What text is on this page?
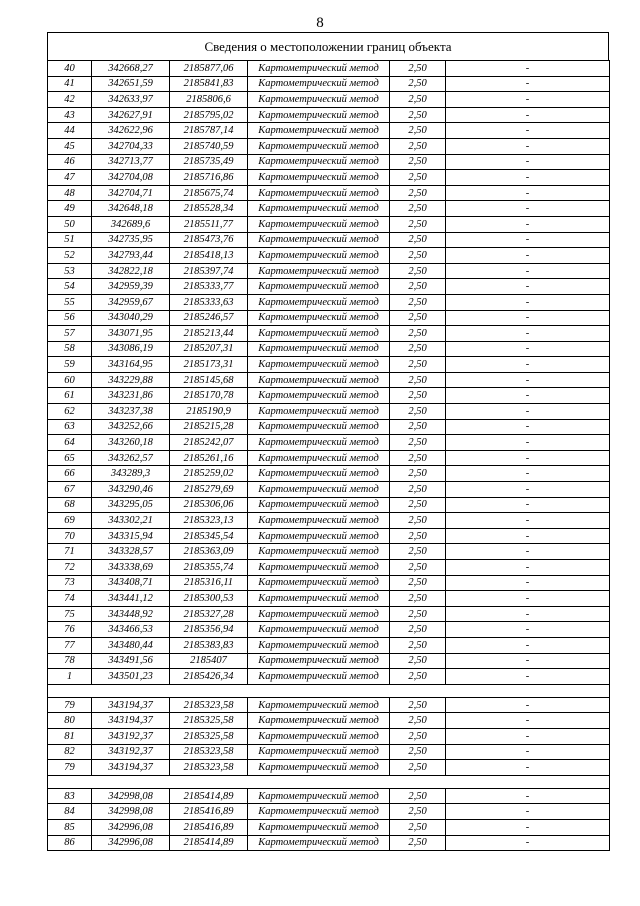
8
Сведения о местоположении границ объекта
40	342668,27	2185877,06	Картометрический метод	2,50	-
41	342651,59	2185841,83	Картометрический метод	2,50	-
42	342633,97	2185806,6	Картометрический метод	2,50	-
43	342627,91	2185795,02	Картометрический метод	2,50	-
44	342622,96	2185787,14	Картометрический метод	2,50	-
45	342704,33	2185740,59	Картометрический метод	2,50	-
46	342713,77	2185735,49	Картометрический метод	2,50	-
47	342704,08	2185716,86	Картометрический метод	2,50	-
48	342704,71	2185675,74	Картометрический метод	2,50	-
49	342648,18	2185528,34	Картометрический метод	2,50	-
50	342689,6	2185511,77	Картометрический метод	2,50	-
51	342735,95	2185473,76	Картометрический метод	2,50	-
52	342793,44	2185418,13	Картометрический метод	2,50	-
53	342822,18	2185397,74	Картометрический метод	2,50	-
54	342959,39	2185333,77	Картометрический метод	2,50	-
55	342959,67	2185333,63	Картометрический метод	2,50	-
56	343040,29	2185246,57	Картометрический метод	2,50	-
57	343071,95	2185213,44	Картометрический метод	2,50	-
58	343086,19	2185207,31	Картометрический метод	2,50	-
59	343164,95	2185173,31	Картометрический метод	2,50	-
60	343229,88	2185145,68	Картометрический метод	2,50	-
61	343231,86	2185170,78	Картометрический метод	2,50	-
62	343237,38	2185190,9	Картометрический метод	2,50	-
63	343252,66	2185215,28	Картометрический метод	2,50	-
64	343260,18	2185242,07	Картометрический метод	2,50	-
65	343262,57	2185261,16	Картометрический метод	2,50	-
66	343289,3	2185259,02	Картометрический метод	2,50	-
67	343290,46	2185279,69	Картометрический метод	2,50	-
68	343295,05	2185306,06	Картометрический метод	2,50	-
69	343302,21	2185323,13	Картометрический метод	2,50	-
70	343315,94	2185345,54	Картометрический метод	2,50	-
71	343328,57	2185363,09	Картометрический метод	2,50	-
72	343338,69	2185355,74	Картометрический метод	2,50	-
73	343408,71	2185316,11	Картометрический метод	2,50	-
74	343441,12	2185300,53	Картометрический метод	2,50	-
75	343448,92	2185327,28	Картометрический метод	2,50	-
76	343466,53	2185356,94	Картометрический метод	2,50	-
77	343480,44	2185383,83	Картометрический метод	2,50	-
78	343491,56	2185407	Картометрический метод	2,50	-
1	343501,23	2185426,34	Картометрический метод	2,50	-

79	343194,37	2185323,58	Картометрический метод	2,50	-
80	343194,37	2185325,58	Картометрический метод	2,50	-
81	343192,37	2185325,58	Картометрический метод	2,50	-
82	343192,37	2185323,58	Картометрический метод	2,50	-
79	343194,37	2185323,58	Картометрический метод	2,50	-

83	342998,08	2185414,89	Картометрический метод	2,50	-
84	342998,08	2185416,89	Картометрический метод	2,50	-
85	342996,08	2185416,89	Картометрический метод	2,50	-
86	342996,08	2185414,89	Картометрический метод	2,50	-
